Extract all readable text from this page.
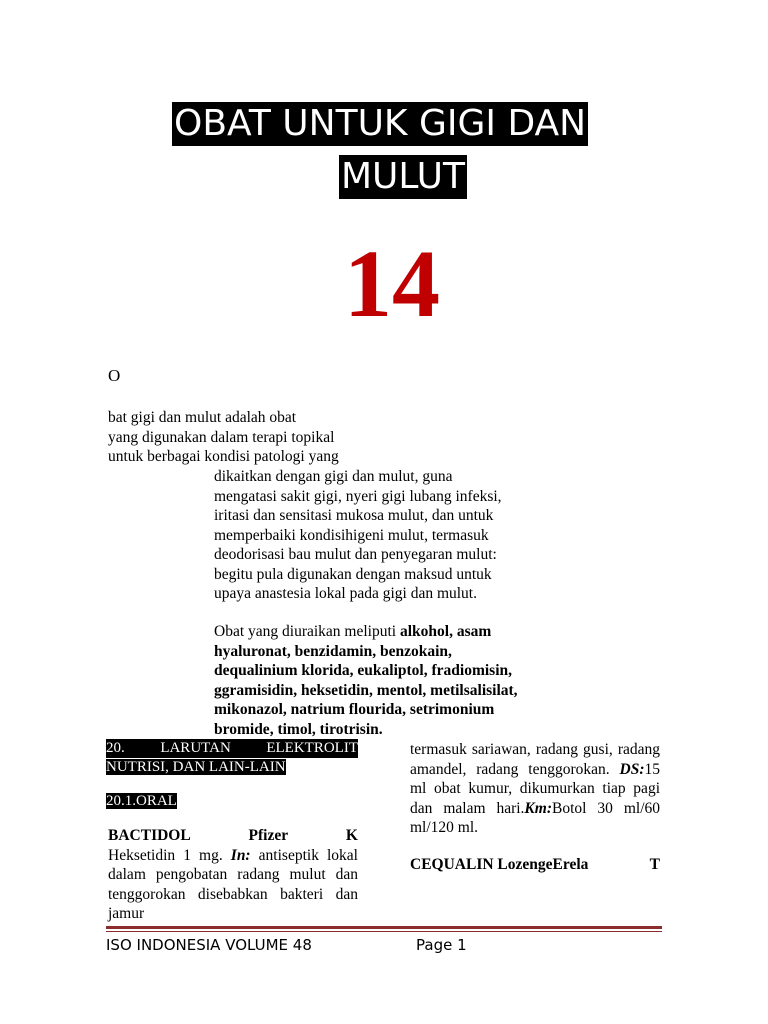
OBAT UNTUK GIGI DAN
MULUT
14
O
bat gigi dan mulut adalah obat
yang digunakan dalam terapi topikal
untuk berbagai kondisi patologi yang
dikaitkan dengan gigi dan mulut, guna
mengatasi sakit gigi, nyeri gigi lubang infeksi,
iritasi dan sensitasi mukosa mulut, dan untuk
memperbaiki kondisihigeni mulut, termasuk
deodorisasi bau mulut dan penyegaran mulut:
begitu pula digunakan dengan maksud untuk
upaya anastesia lokal pada gigi dan mulut.
Obat yang diuraikan meliputi alkohol, asam
hyaluronat, benzidamin, benzokain,
dequalinium klorida, eukaliptol, fradiomisin,
ggramisidin, heksetidin, mentol, metilsalisilat,
mikonazol, natrium flourida, setrimonium
bromide, timol, tirotrisin.
20. LARUTAN ELEKTROLIT
NUTRISI, DAN LAIN-LAIN
20.1.ORAL
BACTIDOL	Pfizer	K
Heksetidin 1 mg. In: antiseptik lokal dalam pengobatan radang mulut dan tenggorokan disebabkan bakteri dan jamur
termasuk sariawan, radang gusi, radang amandel, radang tenggorokan. DS:15 ml obat kumur, dikumurkan tiap pagi dan malam hari.Km:Botol 30 ml/60 ml/120 ml.
CEQUALIN LozengeErela	T
ISO INDONESIA VOLUME 48	Page 1
